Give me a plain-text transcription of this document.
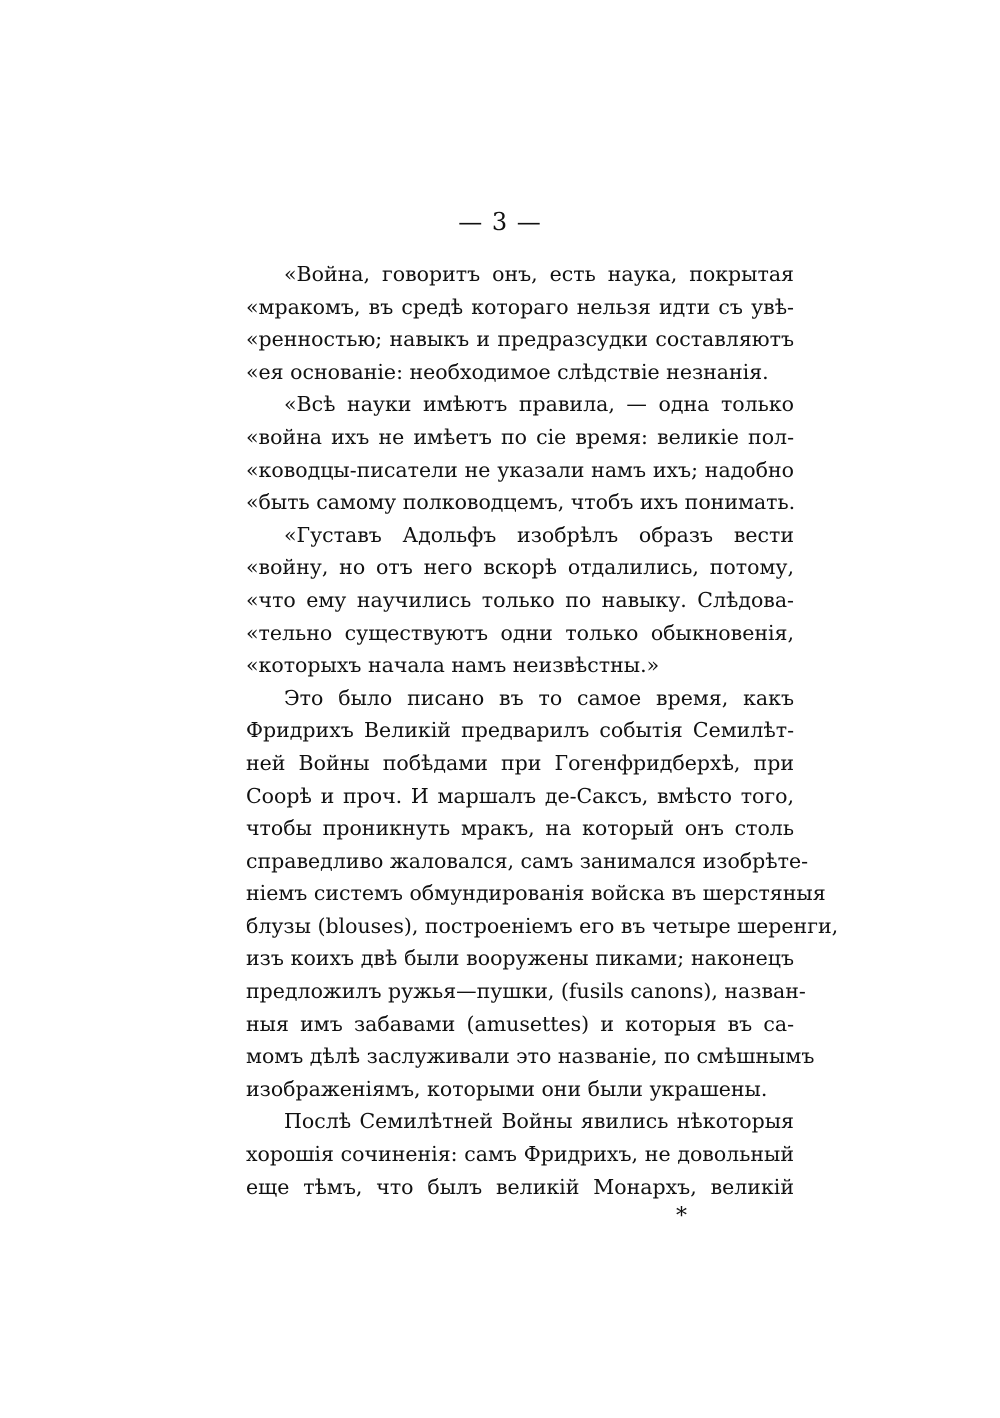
— 3 —
«Война, говоритъ онъ, есть наука, покрытая
«мракомъ, въ средѣ котораго нельзя идти съ увѣ-
«ренностью; навыкъ и предразсудки составляютъ
«ея основаніе: необходимое слѣдствіе незнанія.
«Всѣ науки имѣютъ правила, — одна только
«война ихъ не имѣетъ по сіе время: великіе пол-
«ководцы-писатели не указали намъ ихъ; надобно
«быть самому полководцемъ, чтобъ ихъ понимать.
«Густавъ Адольфъ изобрѣлъ образъ вести
«войну, но отъ него вскорѣ отдалились, потому,
«что ему научились только по навыку. Слѣдова-
«тельно существуютъ одни только обыкновенія,
«которыхъ начала намъ неизвѣстны.»
Это было писано въ то самое время, какъ
Фридрихъ Великій предварилъ событія Семилѣт-
ней Войны побѣдами при Гогенфридберхѣ, при
Соорѣ и проч. И маршалъ де-Саксъ, вмѣсто того,
чтобы проникнуть мракъ, на который онъ столь
справедливо жаловался, самъ занимался изобрѣте-
ніемъ системъ обмундированія войска въ шерстяныя
блузы (blouses), построеніемъ его въ четыре шеренги,
изъ коихъ двѣ были вооружены пиками; наконецъ
предложилъ ружья—пушки, (fusils canons), назван-
ныя имъ забавами (amusettes) и которыя въ са-
момъ дѣлѣ заслуживали это названіе, по смѣшнымъ
изображеніямъ, которыми они были украшены.
Послѣ Семилѣтней Войны явились нѣкоторыя
хорошія сочиненія: самъ Фридрихъ, не довольный
еще тѣмъ, что былъ великій Монархъ, великій
*
